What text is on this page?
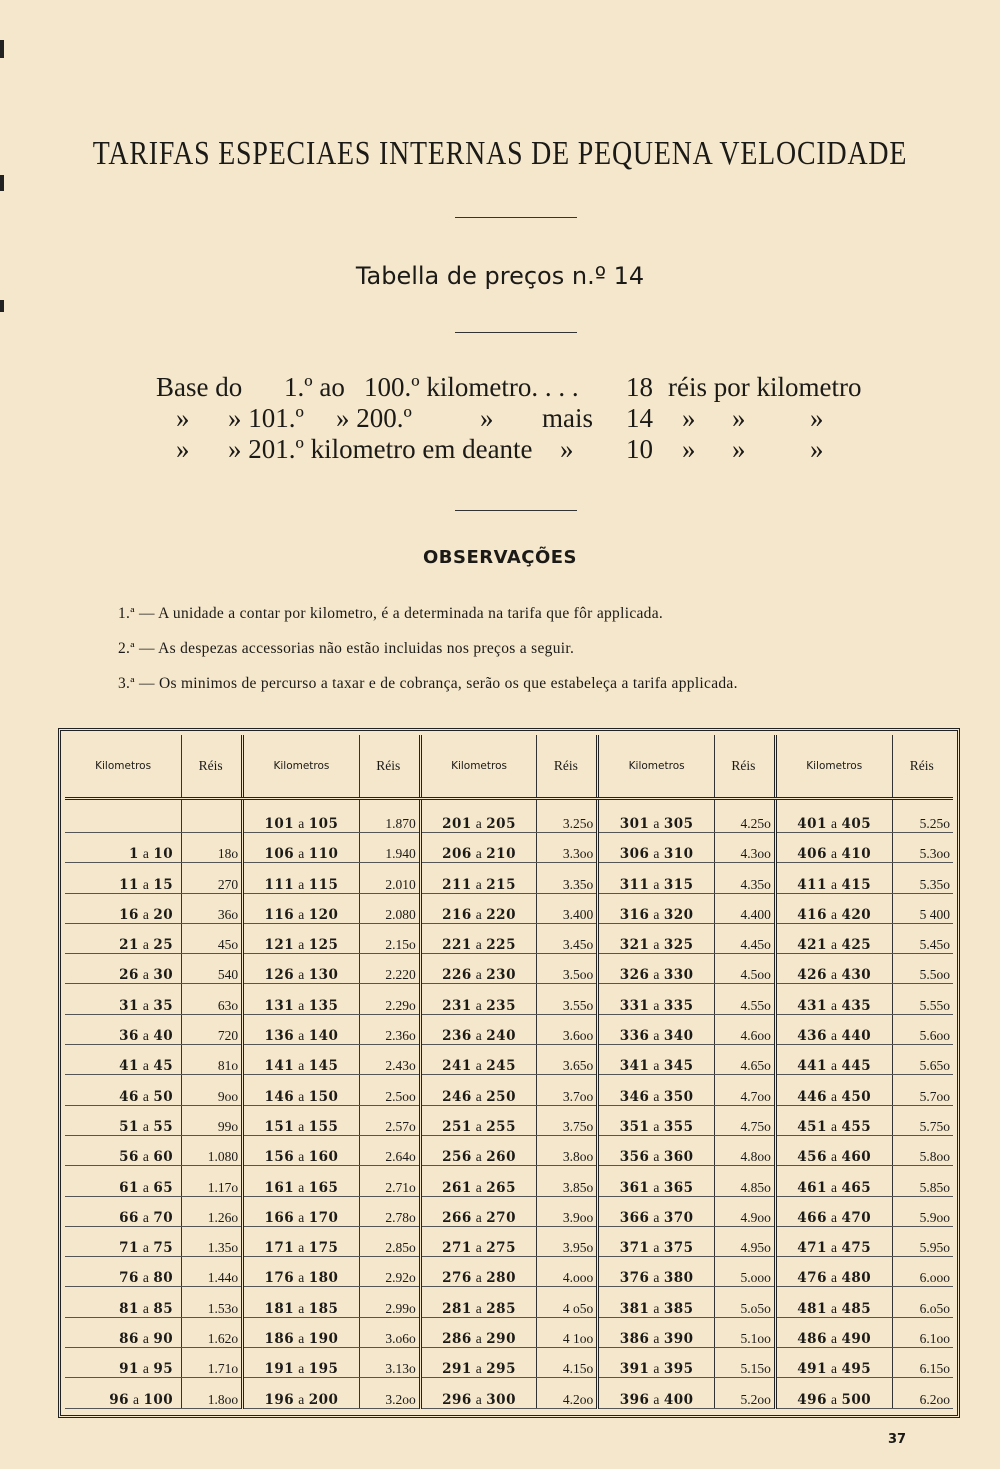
TARIFAS ESPECIAES INTERNAS DE PEQUENA VELOCIDADE
Tabella de preços n.º 14
Base do 1.º ao 100.º kilometro. . . . 18 réis por kilometro
» » 101.º » 200.º	» mais 14 » » »
» » 201.º kilometro em deante » 10 » » »
OBSERVAÇÕES
1.ª — A unidade a contar por kilometro, é a determinada na tarifa que fôr applicada.
2.ª — As despezas accessorias não estão incluidas nos preços a seguir.
3.ª — Os minimos de percurso a taxar e de cobrança, serão os que estabeleça a tarifa applicada.
Kilometros	Réis	Kilometros	Réis	Kilometros	Réis	Kilometros	Réis	Kilometros	Réis
		101 a 105	1.870	201 a 205	3.25o	301 a 305	4.25o	401 a 405	5.25o
1 a 10	18o	106 a 110	1.940	206 a 210	3.3oo	306 a 310	4.3oo	406 a 410	5.3oo
11 a 15	270	111 a 115	2.010	211 a 215	3.35o	311 a 315	4.35o	411 a 415	5.35o
16 a 20	36o	116 a 120	2.080	216 a 220	3.400	316 a 320	4.400	416 a 420	5 400
21 a 25	45o	121 a 125	2.15o	221 a 225	3.45o	321 a 325	4.45o	421 a 425	5.45o
26 a 30	540	126 a 130	2.220	226 a 230	3.5oo	326 a 330	4.5oo	426 a 430	5.5oo
31 a 35	63o	131 a 135	2.29o	231 a 235	3.55o	331 a 335	4.55o	431 a 435	5.55o
36 a 40	720	136 a 140	2.36o	236 a 240	3.6oo	336 a 340	4.6oo	436 a 440	5.6oo
41 a 45	81o	141 a 145	2.43o	241 a 245	3.65o	341 a 345	4.65o	441 a 445	5.65o
46 a 50	9oo	146 a 150	2.5oo	246 a 250	3.7oo	346 a 350	4.7oo	446 a 450	5.7oo
51 a 55	99o	151 a 155	2.57o	251 a 255	3.75o	351 a 355	4.75o	451 a 455	5.75o
56 a 60	1.080	156 a 160	2.64o	256 a 260	3.8oo	356 a 360	4.8oo	456 a 460	5.8oo
61 a 65	1.17o	161 a 165	2.71o	261 a 265	3.85o	361 a 365	4.85o	461 a 465	5.85o
66 a 70	1.26o	166 a 170	2.78o	266 a 270	3.9oo	366 a 370	4.9oo	466 a 470	5.9oo
71 a 75	1.35o	171 a 175	2.85o	271 a 275	3.95o	371 a 375	4.95o	471 a 475	5.95o
76 a 80	1.44o	176 a 180	2.92o	276 a 280	4.ooo	376 a 380	5.ooo	476 a 480	6.ooo
81 a 85	1.53o	181 a 185	2.99o	281 a 285	4 o5o	381 a 385	5.o5o	481 a 485	6.o5o
86 a 90	1.62o	186 a 190	3.o6o	286 a 290	4 1oo	386 a 390	5.1oo	486 a 490	6.1oo
91 a 95	1.71o	191 a 195	3.13o	291 a 295	4.15o	391 a 395	5.15o	491 a 495	6.15o
96 a 100	1.8oo	196 a 200	3.2oo	296 a 300	4.2oo	396 a 400	5.2oo	496 a 500	6.2oo
37
